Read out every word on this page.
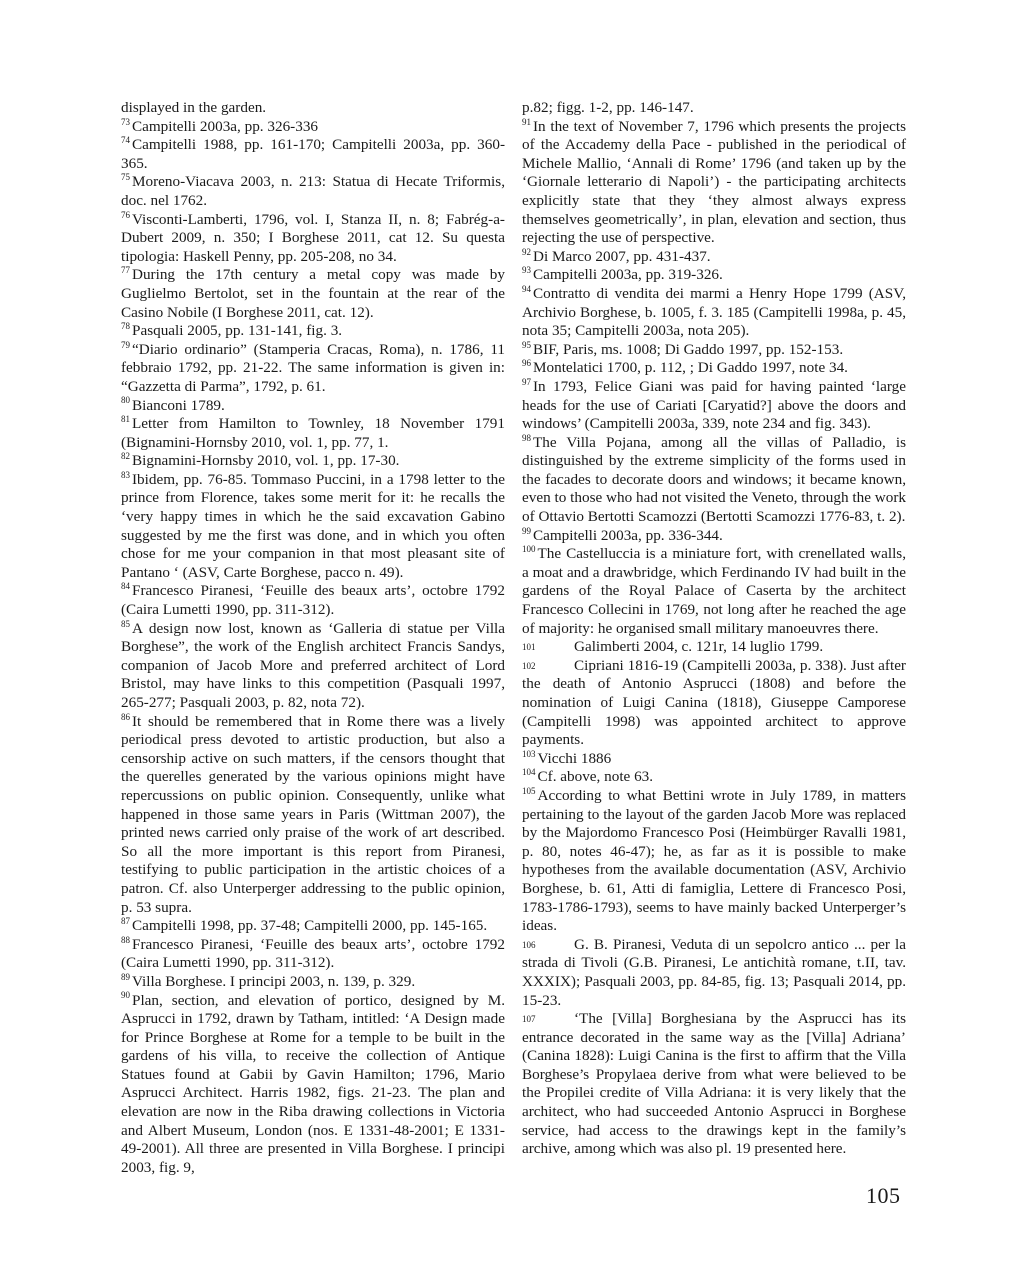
displayed in the garden.

$^{73}$ Campitelli 2003a, pp. 326-336

$^{74}$ Campitelli 1988, pp. 161-170; Campitelli 2003a, pp. 360-365.

$^{75}$ Moreno-Viacava 2003, n. 213: Statua di Hecate Triformis, doc. nel 1762.

$^{76}$ Visconti-Lamberti, 1796, vol. I, Stanza II, n. 8; Fabrég-a-Dubert 2009, n. 350; I Borghese 2011, cat 12. Su questa tipologia: Haskell Penny, pp. 205-208, no 34.

$^{77}$ During the 17th century a metal copy was made by Guglielmo Bertolot, set in the fountain at the rear of the Casino Nobile (I Borghese 2011, cat. 12).

$^{78}$ Pasquali 2005, pp. 131-141, fig. 3.

$^{79}$ “Diario ordinario” (Stamperia Cracas, Roma), n. 1786, 11 febbraio 1792, pp. 21-22. The same information is given in: “Gazzetta di Parma”, 1792, p. 61.

$^{80}$ Bianconi 1789.

$^{81}$ Letter from Hamilton to Townley, 18 November 1791 (Bignamini-Hornsby 2010, vol. 1, pp. 77, 1.

$^{82}$ Bignamini-Hornsby 2010, vol. 1, pp. 17-30.

$^{83}$ Ibidem, pp. 76-85. Tommaso Puccini, in a 1798 letter to the prince from Florence, takes some merit for it: he recalls the ‘very happy times in which he the said excavation Gabino suggested by me the first was done, and in which you often chose for me your companion in that most pleasant site of Pantano ‘ (ASV, Carte Borghese, pacco n. 49).

$^{84}$ Francesco Piranesi, ‘Feuille des beaux arts’, octobre 1792 (Caira Lumetti 1990, pp. 311-312).

$^{85}$ A design now lost, known as ‘Galleria di statue per Villa Borghese”, the work of the English architect Francis Sandys, companion of Jacob More and preferred architect of Lord Bristol, may have links to this competition (Pasquali 1997, 265-277; Pasquali 2003, p. 82, nota 72).

$^{86}$ It should be remembered that in Rome there was a lively periodical press devoted to artistic production, but also a censorship active on such matters, if the censors thought that the querelles generated by the various opinions might have repercussions on public opinion. Consequently, unlike what happened in those same years in Paris (Wittman 2007), the printed news carried only praise of the work of art described. So all the more important is this report from Piranesi, testifying to public participation in the artistic choices of a patron. Cf. also Unterperger addressing to the public opinion, p. 53 supra.

$^{87}$ Campitelli 1998, pp. 37-48; Campitelli 2000, pp. 145-165.

$^{88}$ Francesco Piranesi, ‘Feuille des beaux arts’, octobre 1792 (Caira Lumetti 1990, pp. 311-312).

$^{89}$ Villa Borghese. I principi 2003, n. 139, p. 329.

$^{90}$ Plan, section, and elevation of portico, designed by M. Asprucci in 1792, drawn by Tatham, intitled: ‘A Design made for Prince Borghese at Rome for a temple to be built in the gardens of his villa, to receive the collection of Antique Statues found at Gabii by Gavin Hamilton; 1796, Mario Asprucci Architect. Harris 1982, figs. 21-23. The plan and elevation are now in the Riba drawing collections in Victoria and Albert Museum, London (nos. E 1331-48-2001; E 1331-49-2001). All three are presented in Villa Borghese. I principi 2003, fig. 9,

p.82; figg. 1-2, pp. 146-147.

$^{91}$ In the text of November 7, 1796 which presents the projects of the Accademy della Pace - published in the periodical of Michele Mallio, ‘Annali di Rome’ 1796 (and taken up by the ‘Giornale letterario di Napoli’) - the participating architects explicitly state that they ‘they almost always express themselves geometrically’, in plan, elevation and section, thus rejecting the use of perspective.

$^{92}$ Di Marco 2007, pp. 431-437.

$^{93}$ Campitelli 2003a, pp. 319-326.

$^{94}$ Contratto di vendita dei marmi a Henry Hope 1799 (ASV, Archivio Borghese, b. 1005, f. 3. 185 (Campitelli 1998a, p. 45, nota 35; Campitelli 2003a, nota 205).

$^{95}$ BIF, Paris, ms. 1008; Di Gaddo 1997, pp. 152-153.

$^{96}$ Montelatici 1700, p. 112, ; Di Gaddo 1997, note 34.

$^{97}$ In 1793, Felice Giani was paid for having painted ‘large heads for the use of Cariati [Caryatid?] above the doors and windows’ (Campitelli 2003a, 339, note 234 and fig. 343).

$^{98}$ The Villa Pojana, among all the villas of Palladio, is distinguished by the extreme simplicity of the forms used in the facades to decorate doors and windows; it became known, even to those who had not visited the Veneto, through the work of Ottavio Bertotti Scamozzi (Bertotti Scamozzi 1776-83, t. 2).

$^{99}$ Campitelli 2003a, pp. 336-344.

$^{100}$ The Castelluccia is a miniature fort, with crenellated walls, a moat and a drawbridge, which Ferdinando IV had built in the gardens of the Royal Palace of Caserta by the architect Francesco Collecini in 1769, not long after he reached the age of majority: he organised small military manoeuvres there.

101	Galimberti 2004, c. 121r, 14 luglio 1799.

102	Cipriani 1816-19 (Campitelli 2003a, p. 338). Just after the death of Antonio Asprucci (1808) and before the nomination of Luigi Canina (1818), Giuseppe Camporese (Campitelli 1998) was appointed architect to approve payments.

$^{103}$ Vicchi 1886

$^{104}$ Cf. above, note 63.

$^{105}$ According to what Bettini wrote in July 1789, in matters pertaining to the layout of the garden Jacob More was replaced by the Majordomo Francesco Posi (Heimbürger Ravalli 1981, p. 80, notes 46-47); he, as far as it is possible to make hypotheses from the available documentation (ASV, Archivio Borghese, b. 61, Atti di famiglia, Lettere di Francesco Posi, 1783-1786-1793), seems to have mainly backed Unterperger’s ideas.

106	G. B. Piranesi, Veduta di un sepolcro antico ... per la strada di Tivoli (G.B. Piranesi, Le antichità romane, t.II, tav. XXXIX); Pasquali 2003, pp. 84-85, fig. 13; Pasquali 2014, pp. 15-23.

107	‘The [Villa] Borghesiana by the Asprucci has its entrance decorated in the same way as the [Villa] Adriana’ (Canina 1828): Luigi Canina is the first to affirm that the Villa Borghese’s Propylaea derive from what were believed to be the Propilei credite of Villa Adriana: it is very likely that the architect, who had succeeded Antonio Asprucci in Borghese service, had access to the drawings kept in the family’s archive, among which was also pl. 19 presented here.

105
